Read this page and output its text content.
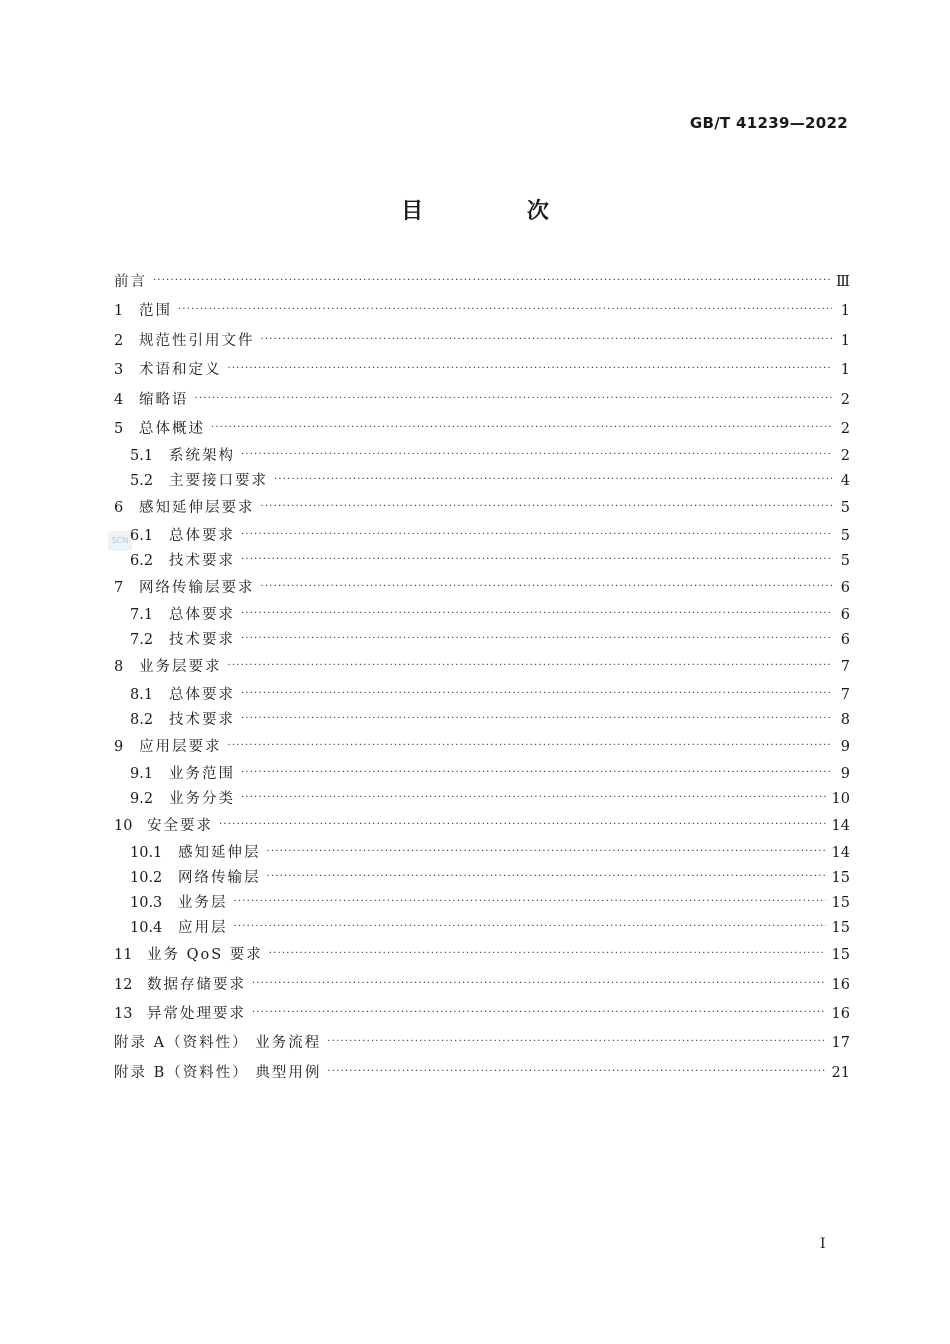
GB/T 41239—2022
目 次
SCN
前言 ·····	Ⅲ
1	范围 ·····	1
2	规范性引用文件 ·····	1
3	术语和定义 ·····	1
4	缩略语 ·····	2
5	总体概述 ·····	2
5.1	系统架构 ·····	2
5.2	主要接口要求 ·····	4
6	感知延伸层要求 ·····	5
6.1	总体要求 ·····	5
6.2	技术要求 ·····	5
7	网络传输层要求 ·····	6
7.1	总体要求 ·····	6
7.2	技术要求 ·····	6
8	业务层要求 ·····	7
8.1	总体要求 ·····	7
8.2	技术要求 ·····	8
9	应用层要求 ·····	9
9.1	业务范围 ·····	9
9.2	业务分类 ·····	10
10	安全要求 ·····	14
10.1	感知延伸层 ·····	14
10.2	网络传输层 ·····	15
10.3	业务层 ·····	15
10.4	应用层 ·····	15
11	业务 QoS 要求 ·····	15
12	数据存储要求 ·····	16
13	异常处理要求 ·····	16
附录 A（资料性） 业务流程 ·····	17
附录 B（资料性） 典型用例 ·····	21
Ⅰ
